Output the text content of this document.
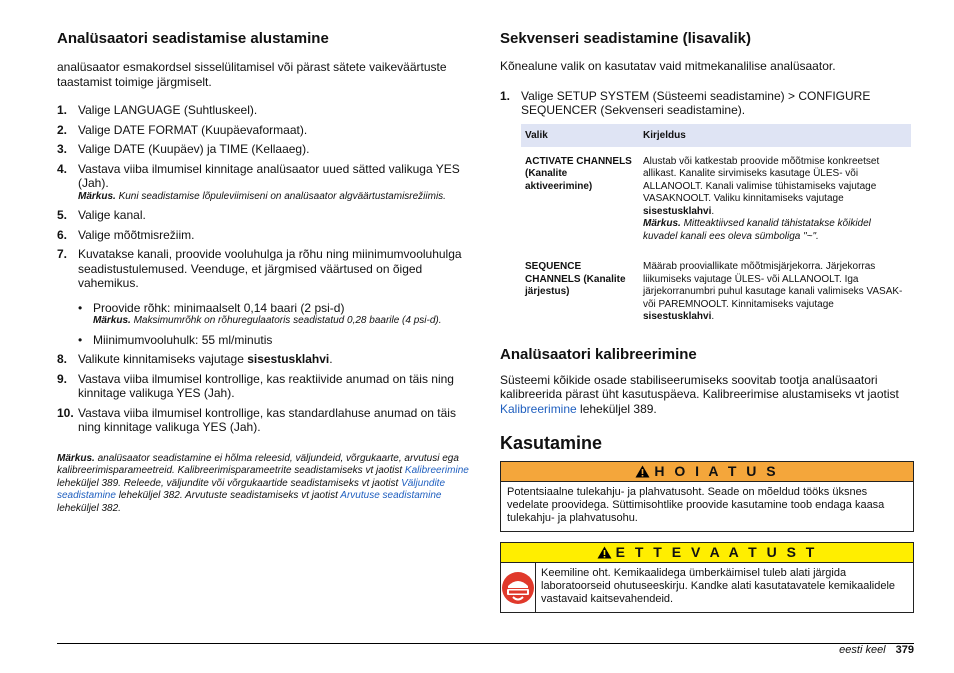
Analüsaatori seadistamise alustamine

analüsaator esmakordsel sisselülitamisel või pärast sätete vaikeväärtuste taastamist toimige järgmiselt.

1. Valige LANGUAGE (Suhtluskeel).
2. Valige DATE FORMAT (Kuupäevaformaat).
3. Valige DATE (Kuupäev) ja TIME (Kellaaeg).
4. Vastava viiba ilmumisel kinnitage analüsaator uued sätted valikuga YES (Jah).
Märkus. Kuni seadistamise lõpuleviimiseni on analüsaator algväärtustamisrežiimis.
5. Valige kanal.
6. Valige mõõtmisrežiim.
7. Kuvatakse kanali, proovide vooluhulga ja rõhu ning miinimumvooluhulga seadistustulemused. Veenduge, et järgmised väärtused on õiged vahemikus.
• Proovide rõhk: minimaalselt 0,14 baari (2 psi-d)
Märkus. Maksimumrõhk on rõhuregulaatoris seadistatud 0,28 baarile (4 psi-d).
• Miinimumvooluhulk: 55 ml/minutis
8. Valikute kinnitamiseks vajutage sisestusklahvi.
9. Vastava viiba ilmumisel kontrollige, kas reaktiivide anumad on täis ning kinnitage valikuga YES (Jah).
10. Vastava viiba ilmumisel kontrollige, kas standardlahuse anumad on täis ning kinnitage valikuga YES (Jah).
Märkus. analüsaator seadistamine ei hõlma releesid, väljundeid, võrgukaarte, arvutusi ega kalibreerimisparameetreid. Kalibreerimisparameetrite seadistamiseks vt jaotist Kalibreerimine leheküljel 389. Releede, väljundite või võrgukaartide seadistamiseks vt jaotist Väljundite seadistamine leheküljel 382. Arvutuste seadistamiseks vt jaotist Arvutuse seadistamine leheküljel 382.
Sekvenseri seadistamine (lisavalik)

Kõnealune valik on kasutatav vaid mitmekanalilise analüsaator.

1. Valige SETUP SYSTEM (Süsteemi seadistamine) > CONFIGURE SEQUENCER (Sekvenseri seadistamine).
Valik	Kirjeldus
ACTIVATE CHANNELS (Kanalite aktiveerimine)	Alustab või katkestab proovide mõõtmise konkreetset allikast. Kanalite sirvimiseks kasutage ÜLES- või ALLANOOLT. Kanali valimise tühistamiseks vajutage VASAKNOOLT. Valiku kinnitamiseks vajutage sisestusklahvi.
Märkus. Mitteaktiivsed kanalid tähistatakse kõikidel kuvadel kanali ees oleva sümboliga "~".
SEQUENCE CHANNELS (Kanalite järjestus)	Määrab prooviallikate mõõtmisjärjekorra. Järjekorras liikumiseks vajutage ÜLES- või ALLANOOLT. Iga järjekorranumbri puhul kasutage kanali valimiseks VASAK- või PAREMNOOLT. Kinnitamiseks vajutage sisestusklahvi.
Analüsaatori kalibreerimine

Süsteemi kõikide osade stabiliseerumiseks soovitab tootja analüsaatori kalibreerida pärast üht kasutuspäeva. Kalibreerimise alustamiseks vt jaotist Kalibreerimine leheküljel 389.

Kasutamine
H O I A T U S
Potentsiaalne tulekahju- ja plahvatusoht. Seade on mõeldud tööks üksnes vedelate proovidega. Süttimisohtlike proovide kasutamine toob endaga kaasa tulekahju- ja plahvatusohu.
E T T E V A A T U S T
Keemiline oht. Kemikaalidega ümberkäimisel tuleb alati järgida laboratoorseid ohutuseeskirju. Kandke alati kasutatavatele kemikaalidele vastavaid kaitsevahendeid.
eesti keel 379
